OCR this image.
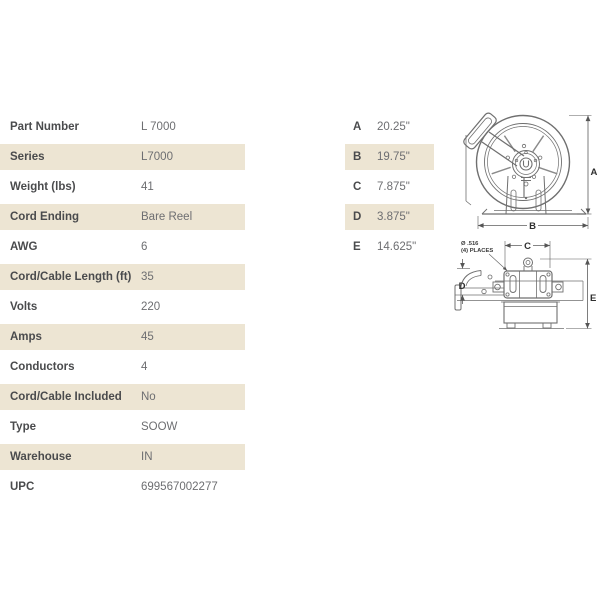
Part Number	L 7000
Series	L7000
Weight (lbs)	41
Cord Ending	Bare Reel
AWG	6
Cord/Cable Length (ft) 35
Volts	220
Amps	45
Conductors	4
Cord/Cable Included	No
Type	SOOW
Warehouse	IN
UPC	699567002277
A	20.25"
B	19.75"
C	7.875"
D	3.875"
E	14.625"
A
B
Ø .516
(4) PLACES	C
D
E
